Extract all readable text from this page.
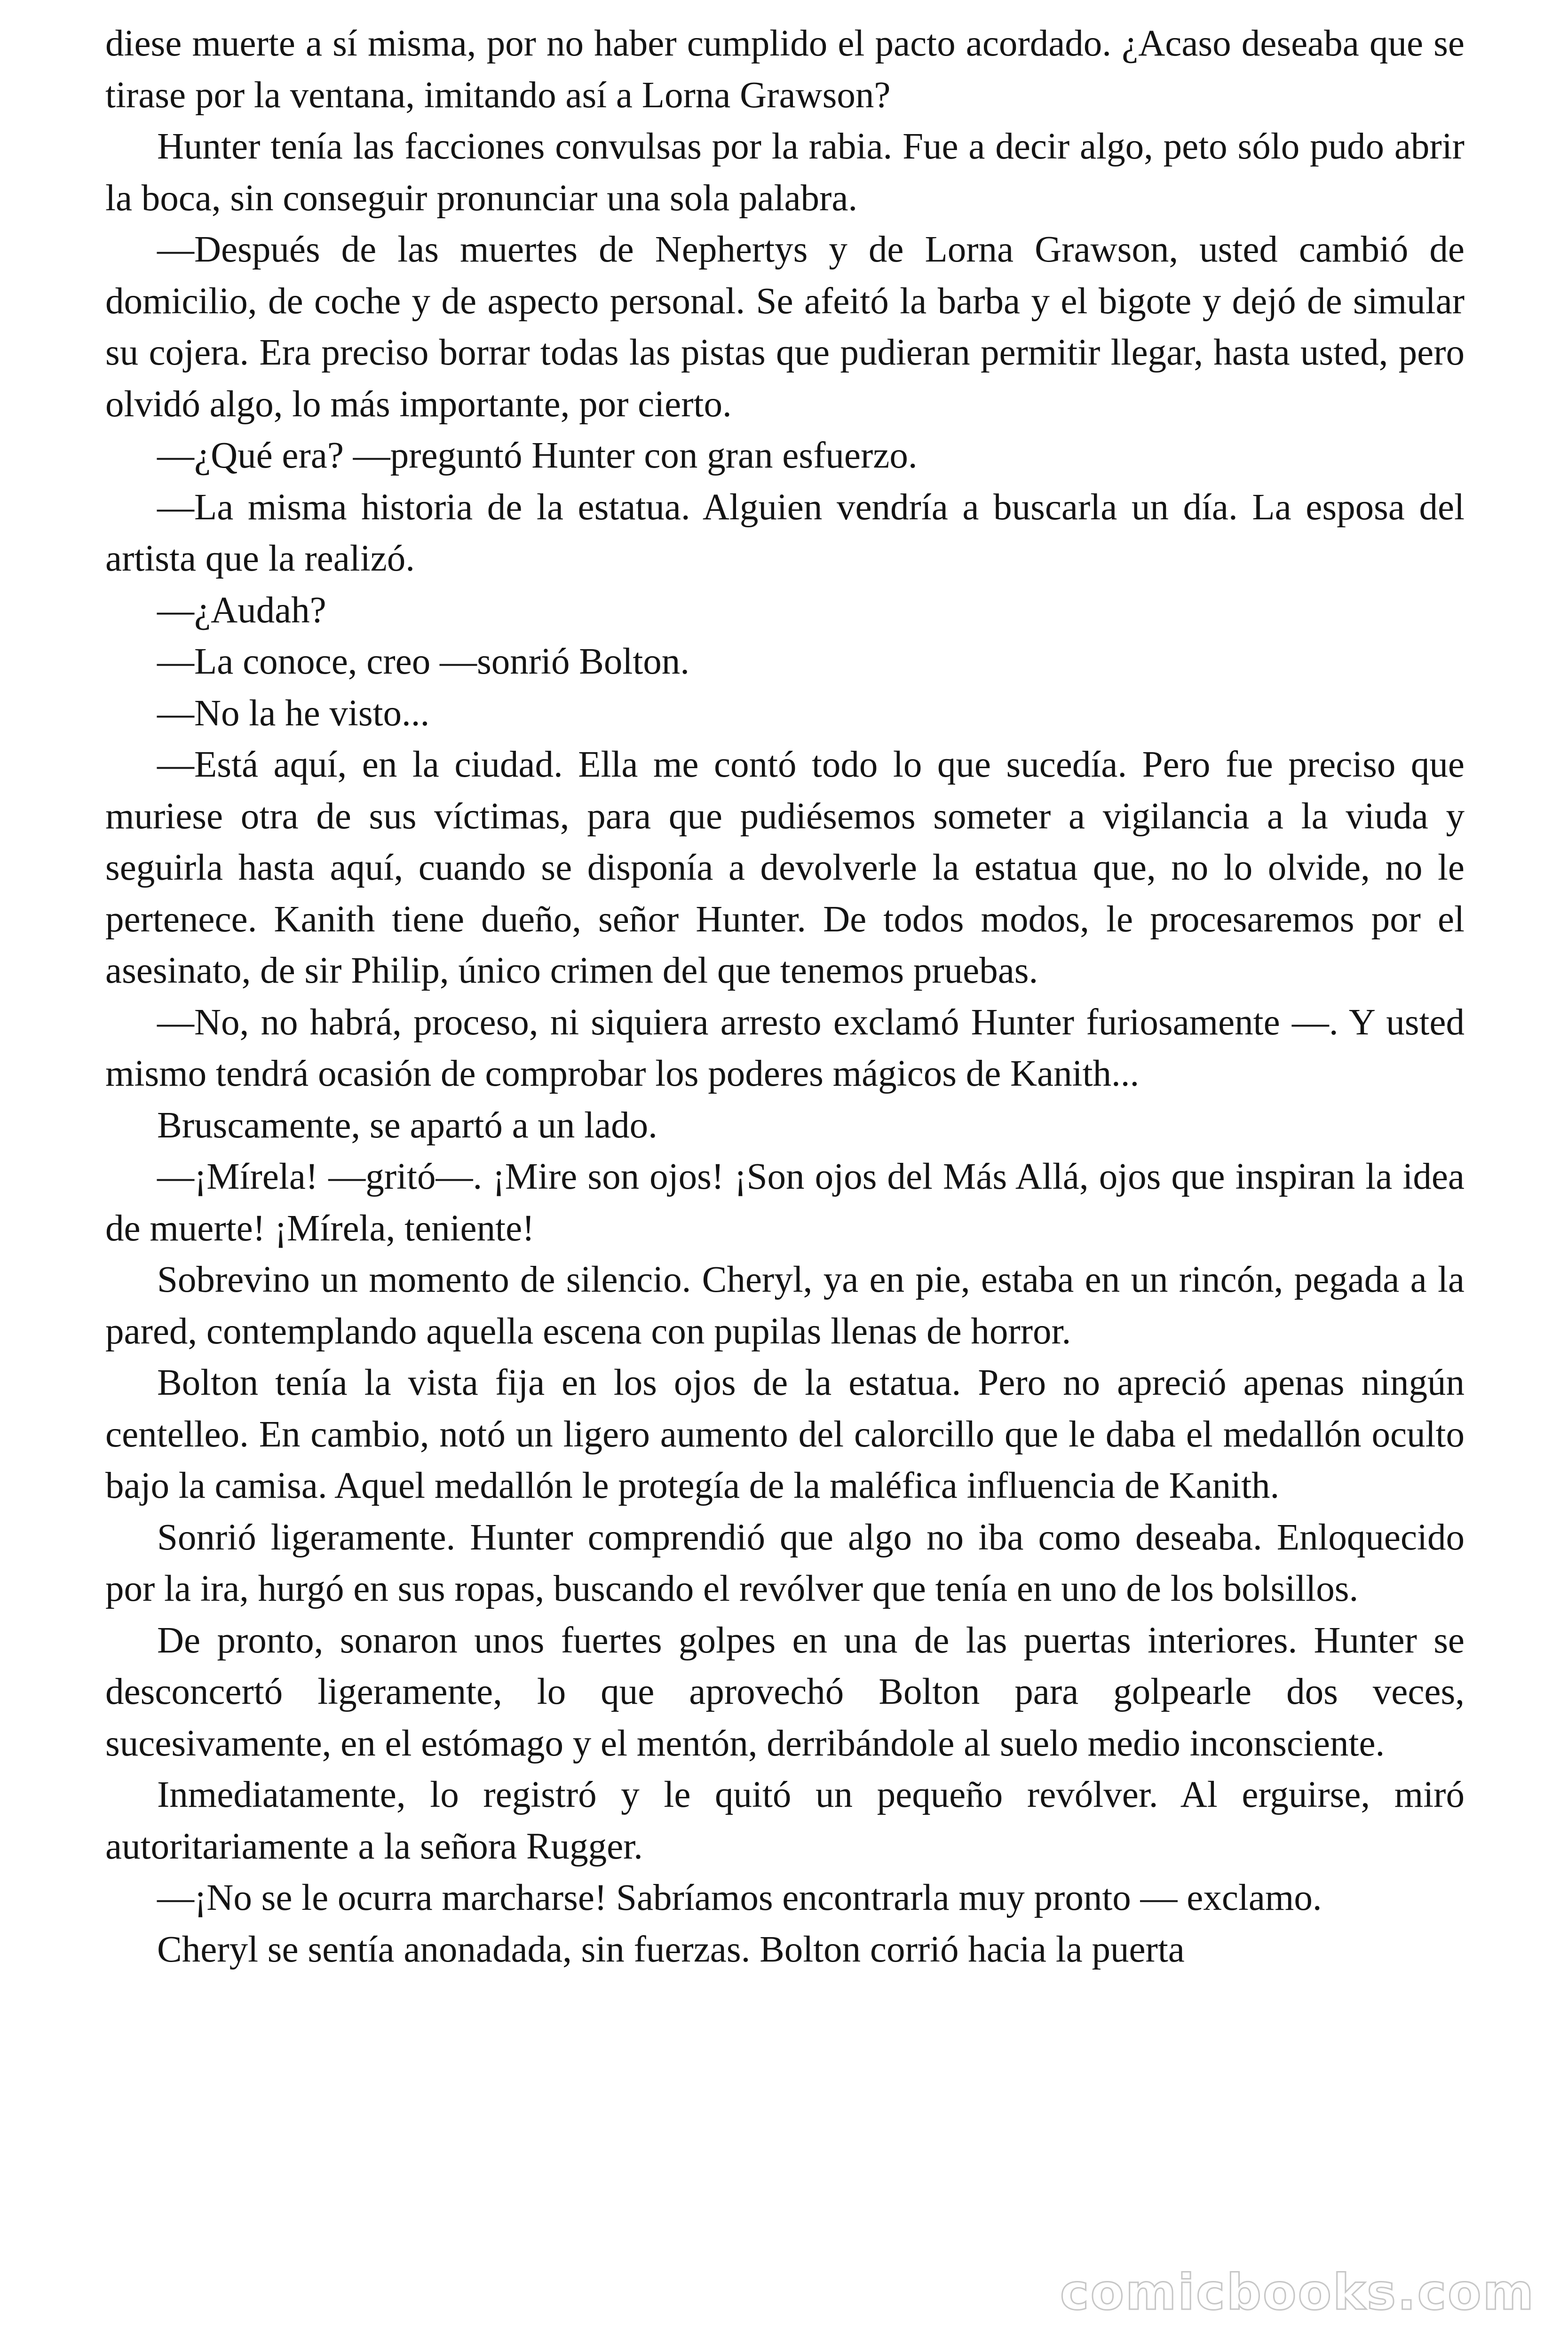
diese muerte a sí misma, por no haber cumplido el pacto acordado. ¿Acaso deseaba que se tirase por la ventana, imitando así a Lorna Grawson?

Hunter tenía las facciones convulsas por la rabia. Fue a decir algo, peto sólo pudo abrir la boca, sin conseguir pronunciar una sola palabra.

—Después de las muertes de Nephertys y de Lorna Grawson, usted cambió de domicilio, de coche y de aspecto personal. Se afeitó la barba y el bigote y dejó de simular su cojera. Era preciso borrar todas las pistas que pudieran permitir llegar, hasta usted, pero olvidó algo, lo más importante, por cierto.

—¿Qué era? —preguntó Hunter con gran esfuerzo.

—La misma historia de la estatua. Alguien vendría a buscarla un día. La esposa del artista que la realizó.

—¿Audah?

—La conoce, creo —sonrió Bolton.

—No la he visto...

—Está aquí, en la ciudad. Ella me contó todo lo que sucedía. Pero fue preciso que muriese otra de sus víctimas, para que pudiésemos someter a vigilancia a la viuda y seguirla hasta aquí, cuando se disponía a devolverle la estatua que, no lo olvide, no le pertenece. Kanith tiene dueño, señor Hunter. De todos modos, le procesaremos por el asesinato, de sir Philip, único crimen del que tenemos pruebas.

—No, no habrá, proceso, ni siquiera arresto exclamó Hunter furiosamente —. Y usted mismo tendrá ocasión de comprobar los poderes mágicos de Kanith...

Bruscamente, se apartó a un lado.

—¡Mírela! —gritó—. ¡Mire son ojos! ¡Son ojos del Más Allá, ojos que inspiran la idea de muerte! ¡Mírela, teniente!

Sobrevino un momento de silencio. Cheryl, ya en pie, estaba en un rincón, pegada a la pared, contemplando aquella escena con pupilas llenas de horror.

Bolton tenía la vista fija en los ojos de la estatua. Pero no apreció apenas ningún centelleo. En cambio, notó un ligero aumento del calorcillo que le daba el medallón oculto bajo la camisa. Aquel medallón le protegía de la maléfica influencia de Kanith.

Sonrió ligeramente. Hunter comprendió que algo no iba como deseaba. Enloquecido por la ira, hurgó en sus ropas, buscando el revólver que tenía en uno de los bolsillos.

De pronto, sonaron unos fuertes golpes en una de las puertas interiores. Hunter se desconcertó ligeramente, lo que aprovechó Bolton para golpearle dos veces, sucesivamente, en el estómago y el mentón, derribándole al suelo medio inconsciente.

Inmediatamente, lo registró y le quitó un pequeño revólver. Al erguirse, miró autoritariamente a la señora Rugger.

—¡No se le ocurra marcharse! Sabríamos encontrarla muy pronto — exclamo.

Cheryl se sentía anonadada, sin fuerzas. Bolton corrió hacia la puerta

comicbooks.com
